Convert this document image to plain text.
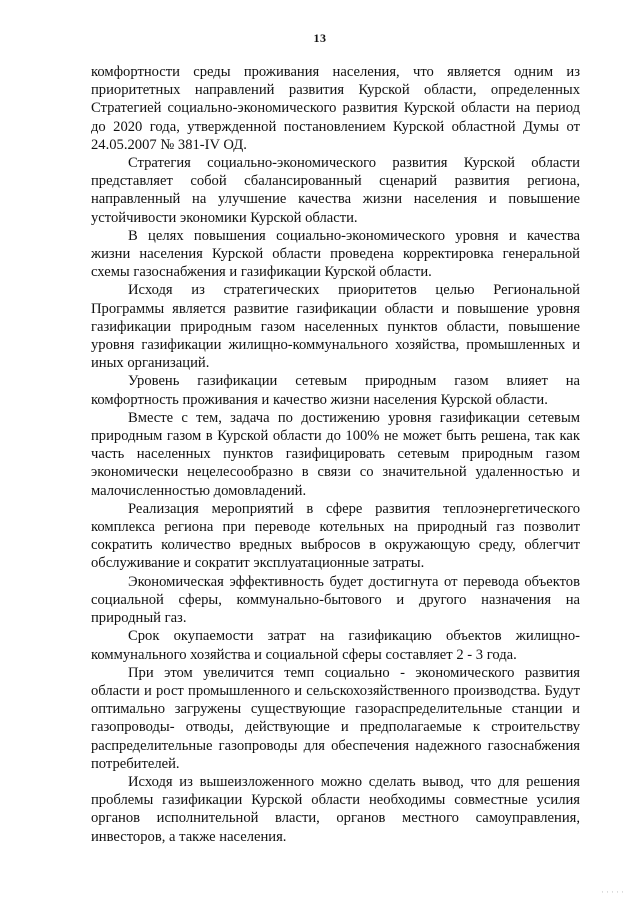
13

комфортности среды проживания населения, что является одним из приоритетных направлений развития Курской области, определенных Стратегией социально-экономического развития Курской области на период до 2020 года, утвержденной постановлением Курской областной Думы от 24.05.2007 № 381-IV ОД.

Стратегия социально-экономического развития Курской области представляет собой сбалансированный сценарий развития региона, направленный на улучшение качества жизни населения и повышение устойчивости экономики Курской области.

В целях повышения социально-экономического уровня и качества жизни населения Курской области проведена корректировка генеральной схемы газоснабжения и газификации Курской области.

Исходя из стратегических приоритетов целью Региональной Программы является развитие газификации области и повышение уровня газификации природным газом населенных пунктов области, повышение уровня газификации жилищно-коммунального хозяйства, промышленных и иных организаций.

Уровень газификации сетевым природным газом влияет на комфортность проживания и качество жизни населения Курской области.

Вместе с тем, задача по достижению уровня газификации сетевым природным газом в Курской области до 100% не может быть решена, так как часть населенных пунктов газифицировать сетевым природным газом экономически нецелесообразно в связи со значительной удаленностью и малочисленностью домовладений.

Реализация мероприятий в сфере развития теплоэнергетического комплекса региона при переводе котельных на природный газ позволит сократить количество вредных выбросов в окружающую среду, облегчит обслуживание и сократит эксплуатационные затраты.

Экономическая эффективность будет достигнута от перевода объектов социальной сферы, коммунально-бытового и другого назначения на природный газ.

Срок окупаемости затрат на газификацию объектов жилищно-коммунального хозяйства и социальной сферы составляет 2 - 3 года.

При этом увеличится темп социально - экономического развития области и рост промышленного и сельскохозяйственного производства. Будут оптимально загружены существующие газораспределительные станции и газопроводы- отводы, действующие и предполагаемые к строительству распределительные газопроводы для обеспечения надежного газоснабжения потребителей.

Исходя из вышеизложенного можно сделать вывод, что для решения проблемы газификации Курской области необходимы совместные усилия органов исполнительной власти, органов местного самоуправления, инвесторов, а также населения.

·····
